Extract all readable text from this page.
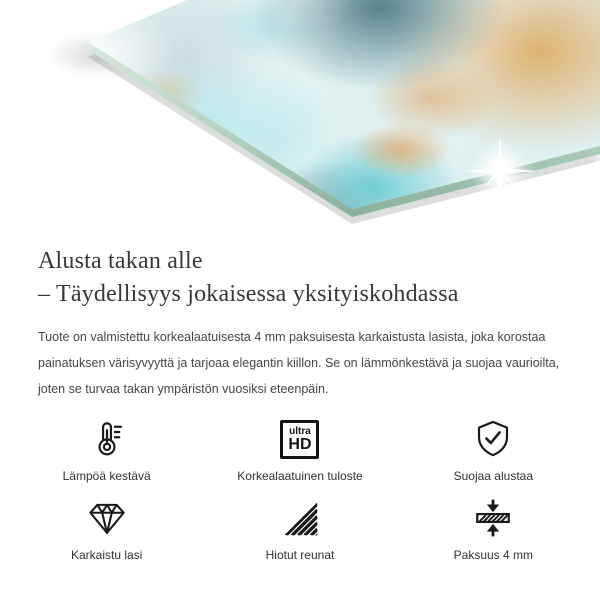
Alusta takan alle
– Täydellisyys jokaisessa yksityiskohdassa
Tuote on valmistettu korkealaatuisesta 4 mm paksuisesta karkaistusta lasista, joka korostaa painatuksen värisyvyyttä ja tarjoaa elegantin kiillon. Se on lämmönkestävä ja suojaa vaurioilta, joten se turvaa takan ympäristön vuosiksi eteenpäin.
Lämpöä kestävä
ultra
HD
Korkealaatuinen tuloste	Suojaa alustaa
Karkaistu lasi	Hiotut reunat	Paksuus 4 mm
